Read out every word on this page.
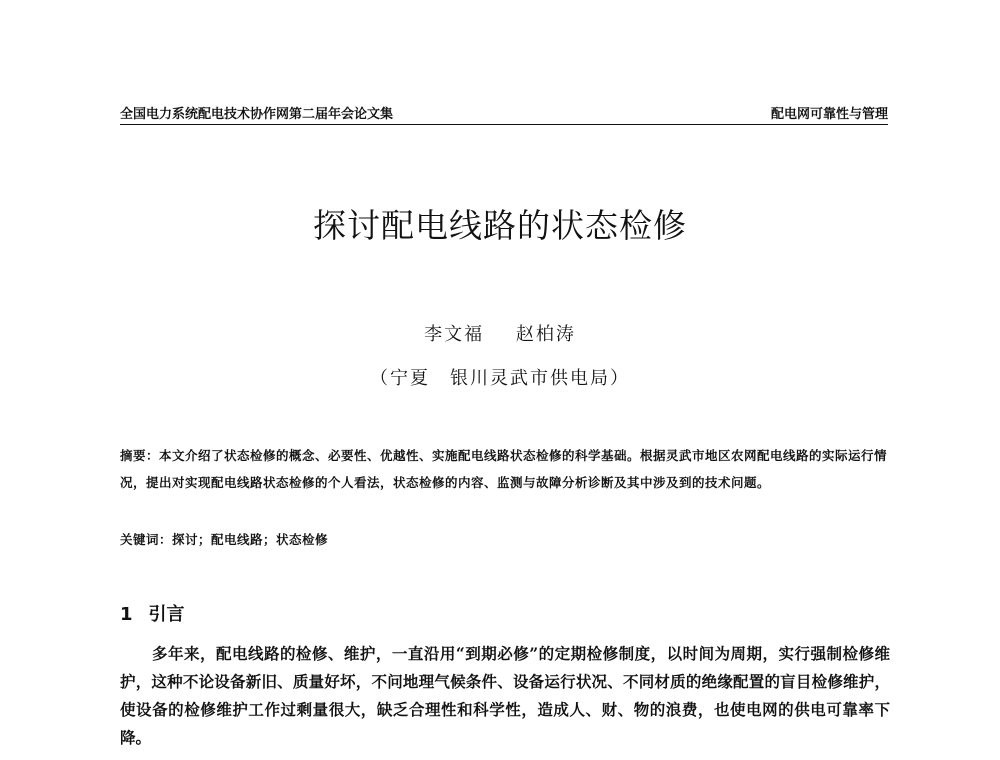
全国电力系统配电技术协作网第二届年会论文集	配电网可靠性与管理
探讨配电线路的状态检修
李文福 赵柏涛
（宁夏　银川灵武市供电局）
摘要：本文介绍了状态检修的概念、必要性、优越性、实施配电线路状态检修的科学基础。根据灵武市地区农网配电线路的实际运行情况，提出对实现配电线路状态检修的个人看法，状态检修的内容、监测与故障分析诊断及其中涉及到的技术问题。
关键词：探讨；配电线路；状态检修
1 引言
多年来，配电线路的检修、维护，一直沿用“到期必修”的定期检修制度，以时间为周期，实行强制检修维护，这种不论设备新旧、质量好坏，不问地理气候条件、设备运行状况、不同材质的绝缘配置的盲目检修维护，使设备的检修维护工作过剩量很大，缺乏合理性和科学性，造成人、财、物的浪费，也使电网的供电可靠率下降。
